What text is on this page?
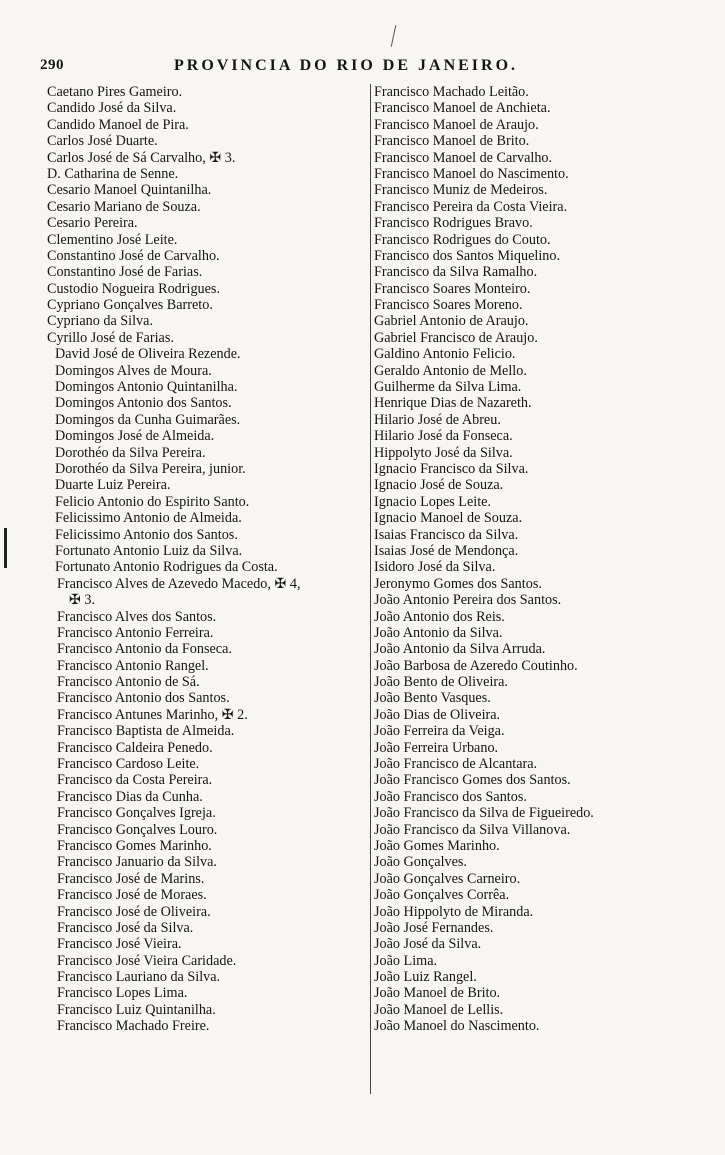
290	PROVINCIA DO RIO DE JANEIRO.
Caetano Pires Gameiro.
Candido José da Silva.
Candido Manoel de Pira.
Carlos José Duarte.
Carlos José de Sá Carvalho, ✠ 3.
D. Catharina de Senne.
Cesario Manoel Quintanilha.
Cesario Mariano de Souza.
Cesario Pereira.
Clementino José Leite.
Constantino José de Carvalho.
Constantino José de Farias.
Custodio Nogueira Rodrigues.
Cypriano Gonçalves Barreto.
Cypriano da Silva.
Cyrillo José de Farias.
David José de Oliveira Rezende.
Domingos Alves de Moura.
Domingos Antonio Quintanilha.
Domingos Antonio dos Santos.
Domingos da Cunha Guimarães.
Domingos José de Almeida.
Dorothéo da Silva Pereira.
Dorothéo da Silva Pereira, junior.
Duarte Luiz Pereira.
Felicio Antonio do Espirito Santo.
Felicissimo Antonio de Almeida.
Felicissimo Antonio dos Santos.
Fortunato Antonio Luiz da Silva.
Fortunato Antonio Rodrigues da Costa.
Francisco Alves de Azevedo Macedo, ✠ 4,
✠ 3.
Francisco Alves dos Santos.
Francisco Antonio Ferreira.
Francisco Antonio da Fonseca.
Francisco Antonio Rangel.
Francisco Antonio de Sá.
Francisco Antonio dos Santos.
Francisco Antunes Marinho, ✠ 2.
Francisco Baptista de Almeida.
Francisco Caldeira Penedo.
Francisco Cardoso Leite.
Francisco da Costa Pereira.
Francisco Dias da Cunha.
Francisco Gonçalves Igreja.
Francisco Gonçalves Louro.
Francisco Gomes Marinho.
Francisco Januario da Silva.
Francisco José de Marins.
Francisco José de Moraes.
Francisco José de Oliveira.
Francisco José da Silva.
Francisco José Vieira.
Francisco José Vieira Caridade.
Francisco Lauriano da Silva.
Francisco Lopes Lima.
Francisco Luiz Quintanilha.
Francisco Machado Freire.
Francisco Machado Leitão.
Francisco Manoel de Anchieta.
Francisco Manoel de Araujo.
Francisco Manoel de Brito.
Francisco Manoel de Carvalho.
Francisco Manoel do Nascimento.
Francisco Muniz de Medeiros.
Francisco Pereira da Costa Vieira.
Francisco Rodrigues Bravo.
Francisco Rodrigues do Couto.
Francisco dos Santos Miquelino.
Francisco da Silva Ramalho.
Francisco Soares Monteiro.
Francisco Soares Moreno.
Gabriel Antonio de Araujo.
Gabriel Francisco de Araujo.
Galdino Antonio Felicio.
Geraldo Antonio de Mello.
Guilherme da Silva Lima.
Henrique Dias de Nazareth.
Hilario José de Abreu.
Hilario José da Fonseca.
Hippolyto José da Silva.
Ignacio Francisco da Silva.
Ignacio José de Souza.
Ignacio Lopes Leite.
Ignacio Manoel de Souza.
Isaias Francisco da Silva.
Isaias José de Mendonça.
Isidoro José da Silva.
Jeronymo Gomes dos Santos.
João Antonio Pereira dos Santos.
João Antonio dos Reis.
João Antonio da Silva.
João Antonio da Silva Arruda.
João Barbosa de Azeredo Coutinho.
João Bento de Oliveira.
João Bento Vasques.
João Dias de Oliveira.
João Ferreira da Veiga.
João Ferreira Urbano.
João Francisco de Alcantara.
João Francisco Gomes dos Santos.
João Francisco dos Santos.
João Francisco da Silva de Figueiredo.
João Francisco da Silva Villanova.
João Gomes Marinho.
João Gonçalves.
João Gonçalves Carneiro.
João Gonçalves Corrêa.
João Hippolyto de Miranda.
João José Fernandes.
João José da Silva.
João Lima.
João Luiz Rangel.
João Manoel de Brito.
João Manoel de Lellis.
João Manoel do Nascimento.
